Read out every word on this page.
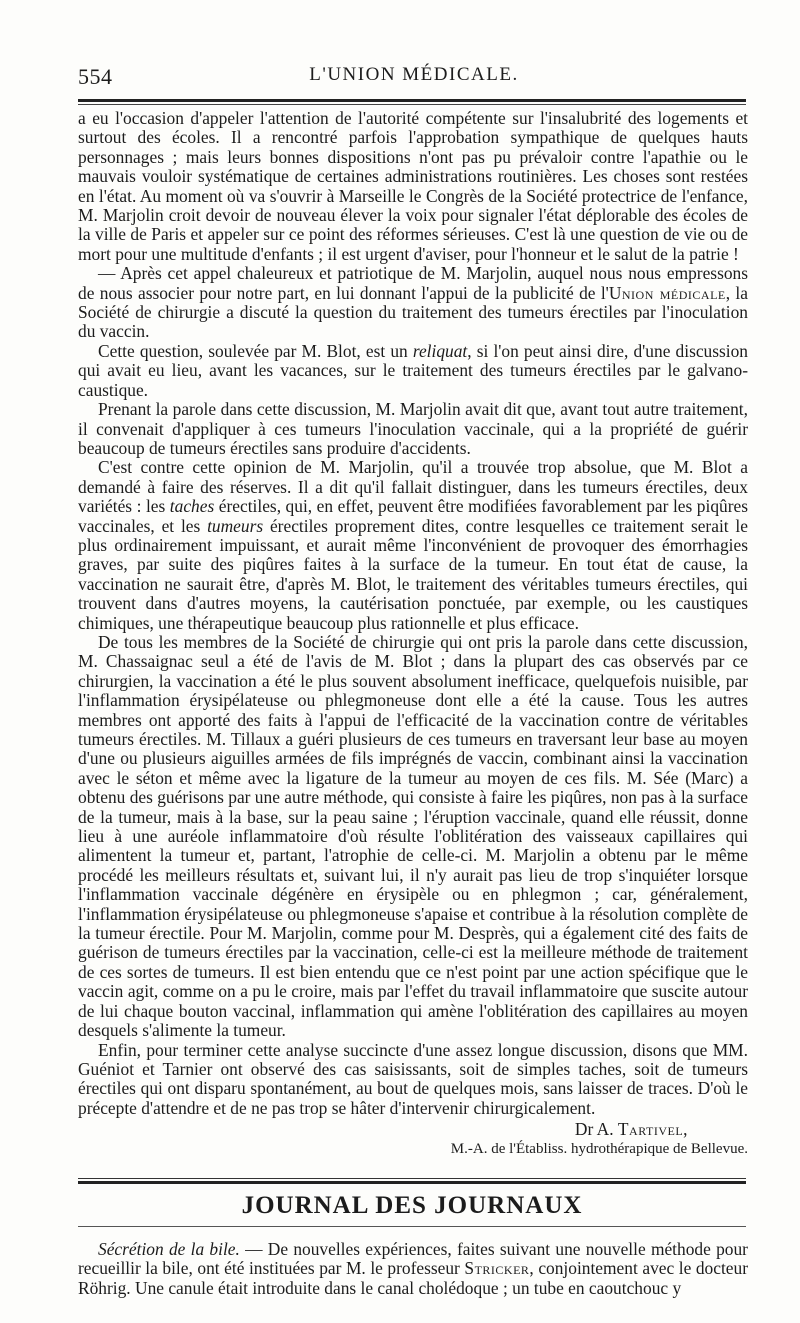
554	L'UNION MÉDICALE.

a eu l'occasion d'appeler l'attention de l'autorité compétente sur l'insalubrité des logements et surtout des écoles. Il a rencontré parfois l'approbation sympathique de quelques hauts personnages ; mais leurs bonnes dispositions n'ont pas pu prévaloir contre l'apathie ou le mauvais vouloir systématique de certaines administrations routinières. Les choses sont restées en l'état. Au moment où va s'ouvrir à Marseille le Congrès de la Société protectrice de l'enfance, M. Marjolin croit devoir de nouveau élever la voix pour signaler l'état déplorable des écoles de la ville de Paris et appeler sur ce point des réformes sérieuses. C'est là une question de vie ou de mort pour une multitude d'enfants ; il est urgent d'aviser, pour l'honneur et le salut de la patrie !

— Après cet appel chaleureux et patriotique de M. Marjolin, auquel nous nous empressons de nous associer pour notre part, en lui donnant l'appui de la publicité de l'Union médicale, la Société de chirurgie a discuté la question du traitement des tumeurs érectiles par l'inoculation du vaccin.

Cette question, soulevée par M. Blot, est un reliquat, si l'on peut ainsi dire, d'une discussion qui avait eu lieu, avant les vacances, sur le traitement des tumeurs érectiles par le galvano-caustique.

Prenant la parole dans cette discussion, M. Marjolin avait dit que, avant tout autre traitement, il convenait d'appliquer à ces tumeurs l'inoculation vaccinale, qui a la propriété de guérir beaucoup de tumeurs érectiles sans produire d'accidents.

C'est contre cette opinion de M. Marjolin, qu'il a trouvée trop absolue, que M. Blot a demandé à faire des réserves. Il a dit qu'il fallait distinguer, dans les tumeurs érectiles, deux variétés : les taches érectiles, qui, en effet, peuvent être modifiées favorablement par les piqûres vaccinales, et les tumeurs érectiles proprement dites, contre lesquelles ce traitement serait le plus ordinairement impuissant, et aurait même l'inconvénient de provoquer des émorrhagies graves, par suite des piqûres faites à la surface de la tumeur. En tout état de cause, la vaccination ne saurait être, d'après M. Blot, le traitement des véritables tumeurs érectiles, qui trouvent dans d'autres moyens, la cautérisation ponctuée, par exemple, ou les caustiques chimiques, une thérapeutique beaucoup plus rationnelle et plus efficace.

De tous les membres de la Société de chirurgie qui ont pris la parole dans cette discussion, M. Chassaignac seul a été de l'avis de M. Blot ; dans la plupart des cas observés par ce chirurgien, la vaccination a été le plus souvent absolument inefficace, quelquefois nuisible, par l'inflammation érysipélateuse ou phlegmoneuse dont elle a été la cause. Tous les autres membres ont apporté des faits à l'appui de l'efficacité de la vaccination contre de véritables tumeurs érectiles. M. Tillaux a guéri plusieurs de ces tumeurs en traversant leur base au moyen d'une ou plusieurs aiguilles armées de fils imprégnés de vaccin, combinant ainsi la vaccination avec le séton et même avec la ligature de la tumeur au moyen de ces fils. M. Sée (Marc) a obtenu des guérisons par une autre méthode, qui consiste à faire les piqûres, non pas à la surface de la tumeur, mais à la base, sur la peau saine ; l'éruption vaccinale, quand elle réussit, donne lieu à une auréole inflammatoire d'où résulte l'oblitération des vaisseaux capillaires qui alimentent la tumeur et, partant, l'atrophie de celle-ci. M. Marjolin a obtenu par le même procédé les meilleurs résultats et, suivant lui, il n'y aurait pas lieu de trop s'inquiéter lorsque l'inflammation vaccinale dégénère en érysipèle ou en phlegmon ; car, généralement, l'inflammation érysipélateuse ou phlegmoneuse s'apaise et contribue à la résolution complète de la tumeur érectile. Pour M. Marjolin, comme pour M. Desprès, qui a également cité des faits de guérison de tumeurs érectiles par la vaccination, celle-ci est la meilleure méthode de traitement de ces sortes de tumeurs. Il est bien entendu que ce n'est point par une action spécifique que le vaccin agit, comme on a pu le croire, mais par l'effet du travail inflammatoire que suscite autour de lui chaque bouton vaccinal, inflammation qui amène l'oblitération des capillaires au moyen desquels s'alimente la tumeur.

Enfin, pour terminer cette analyse succincte d'une assez longue discussion, disons que MM. Guéniot et Tarnier ont observé des cas saisissants, soit de simples taches, soit de tumeurs érectiles qui ont disparu spontanément, au bout de quelques mois, sans laisser de traces. D'où le précepte d'attendre et de ne pas trop se hâter d'intervenir chirurgicalement.

Dr A. Tartivel,

M.-A. de l'Établiss. hydrothérapique de Bellevue.

JOURNAL DES JOURNAUX

Sécrétion de la bile. — De nouvelles expériences, faites suivant une nouvelle méthode pour recueillir la bile, ont été instituées par M. le professeur Stricker, conjointement avec le docteur Röhrig. Une canule était introduite dans le canal cholédoque ; un tube en caoutchouc y
